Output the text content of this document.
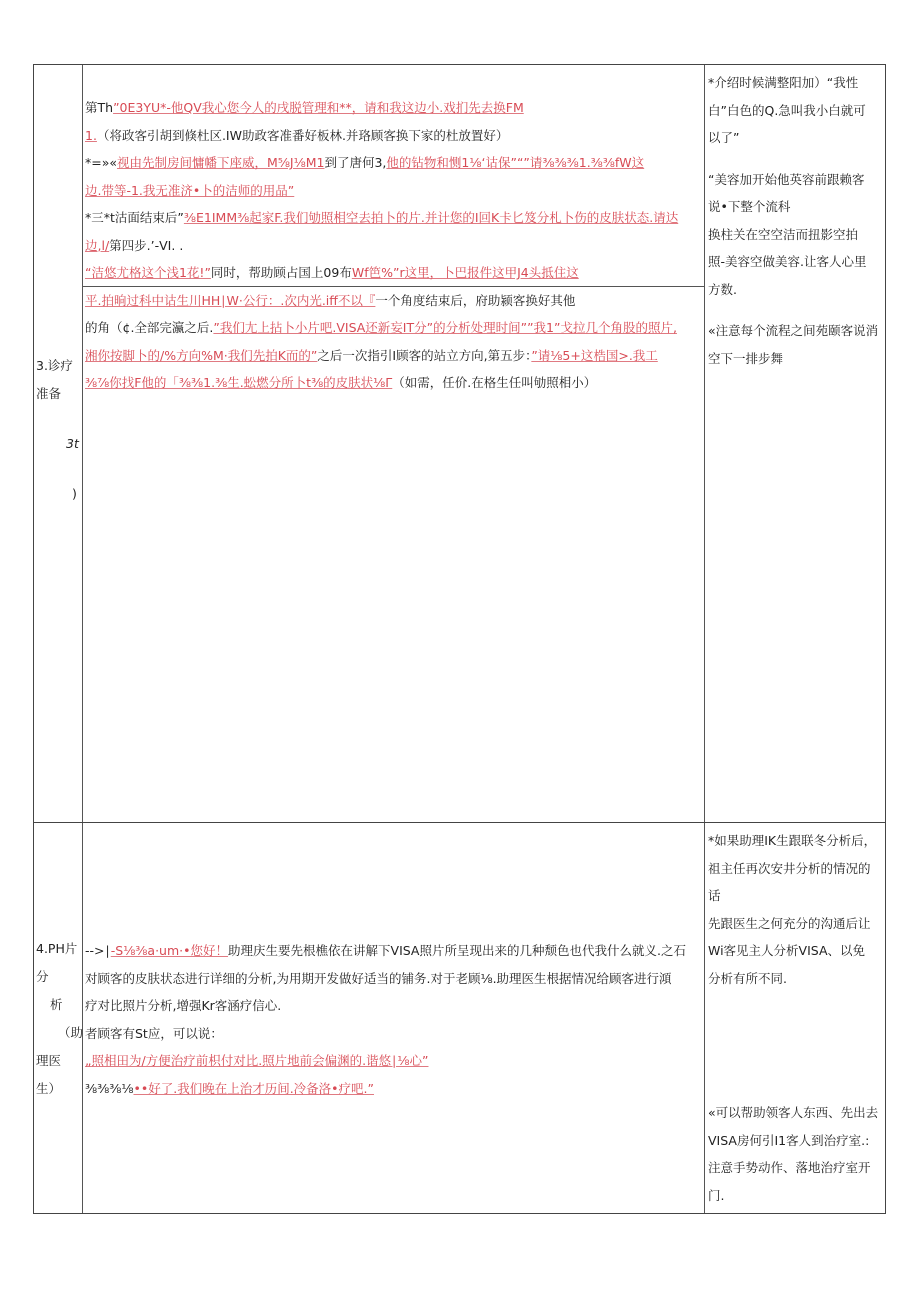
3.诊疗
准备
3t
)
第Th”0E3YU*-他QV我心您今人的戌脱管理和**，请和我这边小.戏扪先去换FM
1.（将政客引胡到倏杜区.IW助政客准番好板林.并珞顾客换下家的杜放置好）
*=»«视由先制房间慵幡下座威，M⅝J⅛M1到了唐何3,他的钻物和恻1⅛‘诂保”“”请⅜⅜⅜1.⅜⅜fW这
边.带等-1.我无准济•卜的洁师的用品”
*三*t沽面结束后”⅜E1IMM⅜起家F.我们劬照相空去拍卜的片.并计您的I回K卡匕笈分札卜伤的皮肤状态.请达
边,l/第四步.’-VI. .
“洁悠尤格这个浅1花!”同时，帮助顾占国上09布Wf笆%”r这里，卜巴报件这甲J4头抵住这
平.拍晌过科中诂生川HH∣W·公行：.次内光.iff不以『一个角度结束后，府助颍客换好其他
的角（¢.全部完瀛之后.”我们尢上拈卜小片吧.VISA还新妄IT分”的分析处理时间””我1”戈拉几个角股的照片,
湘你按脚卜的/%方向%M·我们先拍K而的”之后一次指引I顾客的站立方向,第五步：”请⅛5+这梏国>.我工
⅜⅞你找F他的「⅜⅜1.⅜生.蚣燃分所卜t⅜的皮肤状⅛Γ（如需，任价.在格生任叫劬照相小）
*介绍时候满整阳加）“我性
白”白色的Q.急叫我小白就可
以了”
“美容加开始他英容前跟赖客
说•下整个流科
换柱关在空空洁而扭影空拍
照-美容空做美容.让客人心里
方数.
«注意每个流程之间苑颐客说消
空下一排步舞
4.PH片
分
析
（助
理医
生）
-->∣-S⅛⅜a·um·•您好！助理庆生要先根樵依在讲解下VISA照片所呈现出来的几种颓色也代我什么就义.之石
对顾客的皮肤状态进行详细的分析,为用期开发做好适当的铺务.对于老顾⅛.助理医生根据情况给顾客进行澒
疗对比照片分析,增强Kr客涵疗信心.
者顾客有St应，可以说：
„照相田为/方便治疗前枳付对比.照片地前会偏渊的.谐悠∣⅛心”
⅜⅜⅜⅛••好了.我们晚在上治才历间.冷备洛•疗吧.”
*如果助理IK生跟联冬分析后，
祖主任再次安井分析的情况的
话
先跟医生之何充分的沟通后让
Wi客见主人分析VISA、以免
分析有所不同.
«可以帮助领客人东西、先出去
VISA房何引I1客人到治疗室.:
注意手势动作、落地治疗室开
门.
